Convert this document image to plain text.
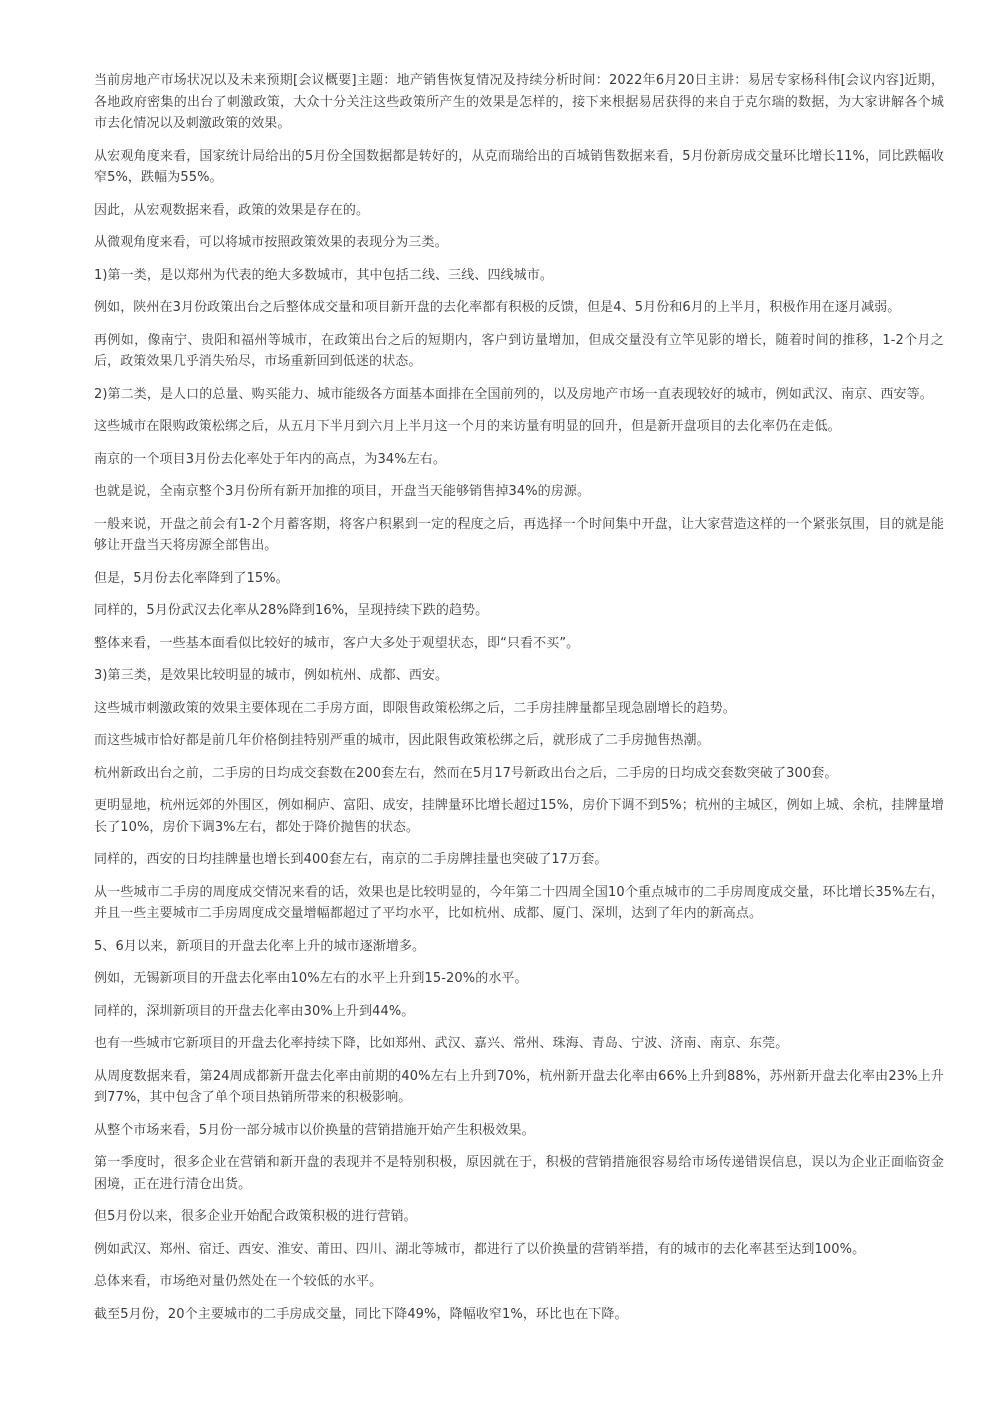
当前房地产市场状况以及未来预期[会议概要]主题：地产销售恢复情况及持续分析时间：2022年6月20日主讲：易居专家杨科伟[会议内容]近期，各地政府密集的出台了刺激政策，大众十分关注这些政策所产生的效果是怎样的，接下来根据易居获得的来自于克尔瑞的数据，为大家讲解各个城市去化情况以及刺激政策的效果。

从宏观角度来看，国家统计局给出的5月份全国数据都是转好的，从克而瑞给出的百城销售数据来看，5月份新房成交量环比增长11%，同比跌幅收窄5%，跌幅为55%。

因此，从宏观数据来看，政策的效果是存在的。

从微观角度来看，可以将城市按照政策效果的表现分为三类。

1)第一类，是以郑州为代表的绝大多数城市，其中包括二线、三线、四线城市。

例如，陕州在3月份政策出台之后整体成交量和项目新开盘的去化率都有积极的反馈，但是4、5月份和6月的上半月，积极作用在逐月减弱。

再例如，像南宁、贵阳和福州等城市，在政策出台之后的短期内，客户到访量增加，但成交量没有立竿见影的增长，随着时间的推移，1-2个月之后，政策效果几乎消失殆尽，市场重新回到低迷的状态。

2)第二类，是人口的总量、购买能力、城市能级各方面基本面排在全国前列的，以及房地产市场一直表现较好的城市，例如武汉、南京、西安等。

这些城市在限购政策松绑之后，从五月下半月到六月上半月这一个月的来访量有明显的回升，但是新开盘项目的去化率仍在走低。

南京的一个项目3月份去化率处于年内的高点，为34%左右。

也就是说，全南京整个3月份所有新开加推的项目，开盘当天能够销售掉34%的房源。

一般来说，开盘之前会有1-2个月蓄客期，将客户积累到一定的程度之后，再选择一个时间集中开盘，让大家营造这样的一个紧张氛围，目的就是能够让开盘当天将房源全部售出。

但是，5月份去化率降到了15%。

同样的，5月份武汉去化率从28%降到16%，呈现持续下跌的趋势。

整体来看，一些基本面看似比较好的城市，客户大多处于观望状态，即“只看不买”。

3)第三类，是效果比较明显的城市，例如杭州、成都、西安。

这些城市刺激政策的效果主要体现在二手房方面，即限售政策松绑之后，二手房挂牌量都呈现急剧增长的趋势。

而这些城市恰好都是前几年价格倒挂特别严重的城市，因此限售政策松绑之后，就形成了二手房抛售热潮。

杭州新政出台之前，二手房的日均成交套数在200套左右，然而在5月17号新政出台之后，二手房的日均成交套数突破了300套。

更明显地，杭州远郊的外围区，例如桐庐、富阳、成安，挂牌量环比增长超过15%，房价下调不到5%；杭州的主城区，例如上城、余杭，挂牌量增长了10%，房价下调3%左右，都处于降价抛售的状态。

同样的，西安的日均挂牌量也增长到400套左右，南京的二手房牌挂量也突破了17万套。

从一些城市二手房的周度成交情况来看的话，效果也是比较明显的，今年第二十四周全国10个重点城市的二手房周度成交量，环比增长35%左右，并且一些主要城市二手房周度成交量增幅都超过了平均水平，比如杭州、成都、厦门、深圳，达到了年内的新高点。

5、6月以来，新项目的开盘去化率上升的城市逐渐增多。

例如，无锡新项目的开盘去化率由10%左右的水平上升到15-20%的水平。

同样的，深圳新项目的开盘去化率由30%上升到44%。

也有一些城市它新项目的开盘去化率持续下降，比如郑州、武汉、嘉兴、常州、珠海、青岛、宁波、济南、南京、东莞。

从周度数据来看，第24周成都新开盘去化率由前期的40%左右上升到70%，杭州新开盘去化率由66%上升到88%，苏州新开盘去化率由23%上升到77%，其中包含了单个项目热销所带来的积极影响。

从整个市场来看，5月份一部分城市以价换量的营销措施开始产生积极效果。

第一季度时，很多企业在营销和新开盘的表现并不是特别积极，原因就在于，积极的营销措施很容易给市场传递错误信息，误以为企业正面临资金困境，正在进行清仓出货。

但5月份以来，很多企业开始配合政策积极的进行营销。

例如武汉、郑州、宿迁、西安、淮安、莆田、四川、湖北等城市，都进行了以价换量的营销举措，有的城市的去化率甚至达到100%。

总体来看，市场绝对量仍然处在一个较低的水平。

截至5月份，20个主要城市的二手房成交量，同比下降49%，降幅收窄1%，环比也在下降。
